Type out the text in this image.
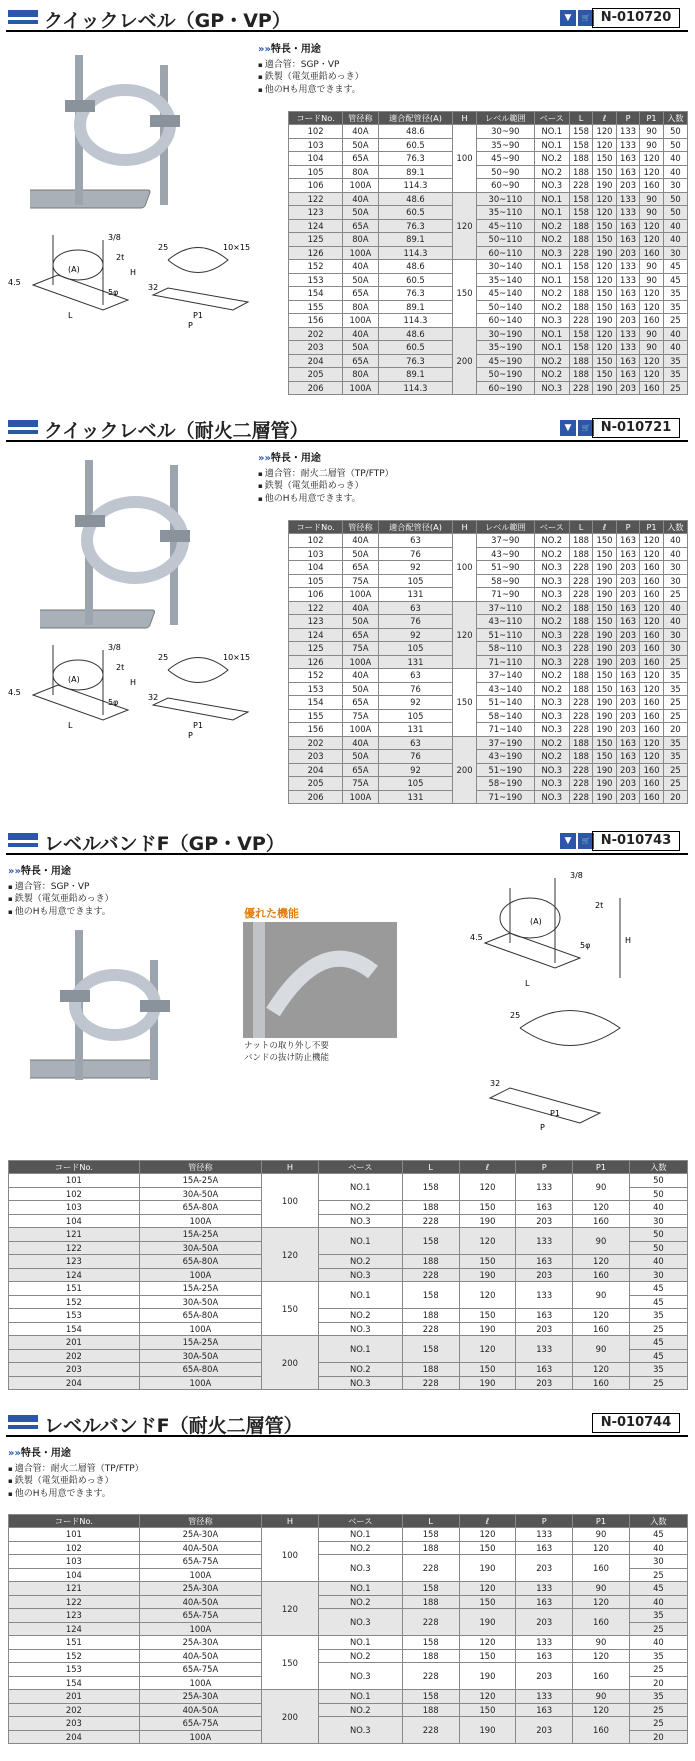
クイックレベル（GP・VP）	▼	🛒 N-010720
»»特長・用途
▪ 適合管：SGP・VP
▪ 鉄製（電気亜鉛めっき）
▪ 他のHも用意できます。
3/8
2t
5φ
4.5
H
L
(A)
25	10×15
32
P1
P
コードNo.	管径称	適合配管径(A)	H	レベル範囲	ベース	L	ℓ	P	P1	入数
102	40A	48.6	100	30~90	NO.1	158	120	133	90	50
103	50A	60.5		35~90	NO.1	158	120	133	90	50
104	65A	76.3		45~90	NO.2	188	150	163	120	40
105	80A	89.1		50~90	NO.2	188	150	163	120	40
106	100A	114.3		60~90	NO.3	228	190	203	160	30
122	40A	48.6	120	30~110	NO.1	158	120	133	90	50
123	50A	60.5		35~110	NO.1	158	120	133	90	50
124	65A	76.3		45~110	NO.2	188	150	163	120	40
125	80A	89.1		50~110	NO.2	188	150	163	120	40
126	100A	114.3		60~110	NO.3	228	190	203	160	30
152	40A	48.6	150	30~140	NO.1	158	120	133	90	45
153	50A	60.5		35~140	NO.1	158	120	133	90	45
154	65A	76.3		45~140	NO.2	188	150	163	120	35
155	80A	89.1		50~140	NO.2	188	150	163	120	35
156	100A	114.3		60~140	NO.3	228	190	203	160	25
202	40A	48.6	200	30~190	NO.1	158	120	133	90	40
203	50A	60.5		35~190	NO.1	158	120	133	90	40
204	65A	76.3		45~190	NO.2	188	150	163	120	35
205	80A	89.1		50~190	NO.2	188	150	163	120	35
206	100A	114.3		60~190	NO.3	228	190	203	160	25
クイックレベル（耐火二層管）	▼	🛒 N-010721
»»特長・用途
▪ 適合管：耐火二層管（TP/FTP）
▪ 鉄製（電気亜鉛めっき）
▪ 他のHも用意できます。
3/8
2t
5φ
4.5
H
L
(A)
25	10×15
32
P1
P
コードNo.	管径称	適合配管径(A)	H	レベル範囲	ベース	L	ℓ	P	P1	入数
102	40A	63	100	37~90	NO.2	188	150	163	120	40
103	50A	76		43~90	NO.2	188	150	163	120	40
104	65A	92		51~90	NO.3	228	190	203	160	30
105	75A	105		58~90	NO.3	228	190	203	160	30
106	100A	131		71~90	NO.3	228	190	203	160	25
122	40A	63	120	37~110	NO.2	188	150	163	120	40
123	50A	76		43~110	NO.2	188	150	163	120	40
124	65A	92		51~110	NO.3	228	190	203	160	30
125	75A	105		58~110	NO.3	228	190	203	160	30
126	100A	131		71~110	NO.3	228	190	203	160	25
152	40A	63	150	37~140	NO.2	188	150	163	120	35
153	50A	76		43~140	NO.2	188	150	163	120	35
154	65A	92		51~140	NO.3	228	190	203	160	25
155	75A	105		58~140	NO.3	228	190	203	160	25
156	100A	131		71~140	NO.3	228	190	203	160	20
202	40A	63	200	37~190	NO.2	188	150	163	120	35
203	50A	76		43~190	NO.2	188	150	163	120	35
204	65A	92		51~190	NO.3	228	190	203	160	25
205	75A	105		58~190	NO.3	228	190	203	160	25
206	100A	131		71~190	NO.3	228	190	203	160	20
レベルバンドF（GP・VP）	▼	🛒 N-010743
»»特長・用途
▪ 適合管：SGP・VP
▪ 鉄製（電気亜鉛めっき）
▪ 他のHも用意できます。	優れた機能
ナットの取り外し不要
バンドの抜け防止機能
3/8
2t
5φ
4.5	H
L
(A)
25
32
P1
P
コードNo.	管径称	H	ベース	L	ℓ	P	P1	入数
101	15A-25A	100	NO.1	158	120	133	90	50
102	30A-50A							50
103	65A-80A		NO.2	188	150	163	120	40
104	100A		NO.3	228	190	203	160	30
121	15A-25A	120	NO.1	158	120	133	90	50
122	30A-50A							50
123	65A-80A		NO.2	188	150	163	120	40
124	100A		NO.3	228	190	203	160	30
151	15A-25A	150	NO.1	158	120	133	90	45
152	30A-50A							45
153	65A-80A		NO.2	188	150	163	120	35
154	100A		NO.3	228	190	203	160	25
201	15A-25A	200	NO.1	158	120	133	90	45
202	30A-50A							45
203	65A-80A		NO.2	188	150	163	120	35
204	100A		NO.3	228	190	203	160	25
レベルバンドF（耐火二層管）	N-010744
»»特長・用途
▪ 適合管：耐火二層管（TP/FTP）
▪ 鉄製（電気亜鉛めっき）
▪ 他のHも用意できます。
コードNo.	管径称	H	ベース	L	ℓ	P	P1	入数
101	25A-30A	100	NO.1	158	120	133	90	45
102	40A-50A		NO.2	188	150	163	120	40
103	65A-75A		NO.3	228	190	203	160	30
104	100A							25
121	25A-30A	120	NO.1	158	120	133	90	45
122	40A-50A		NO.2	188	150	163	120	40
123	65A-75A		NO.3	228	190	203	160	35
124	100A							25
151	25A-30A	150	NO.1	158	120	133	90	40
152	40A-50A		NO.2	188	150	163	120	35
153	65A-75A		NO.3	228	190	203	160	25
154	100A							20
201	25A-30A	200	NO.1	158	120	133	90	35
202	40A-50A		NO.2	188	150	163	120	25
203	65A-75A		NO.3	228	190	203	160	25
204	100A							20
